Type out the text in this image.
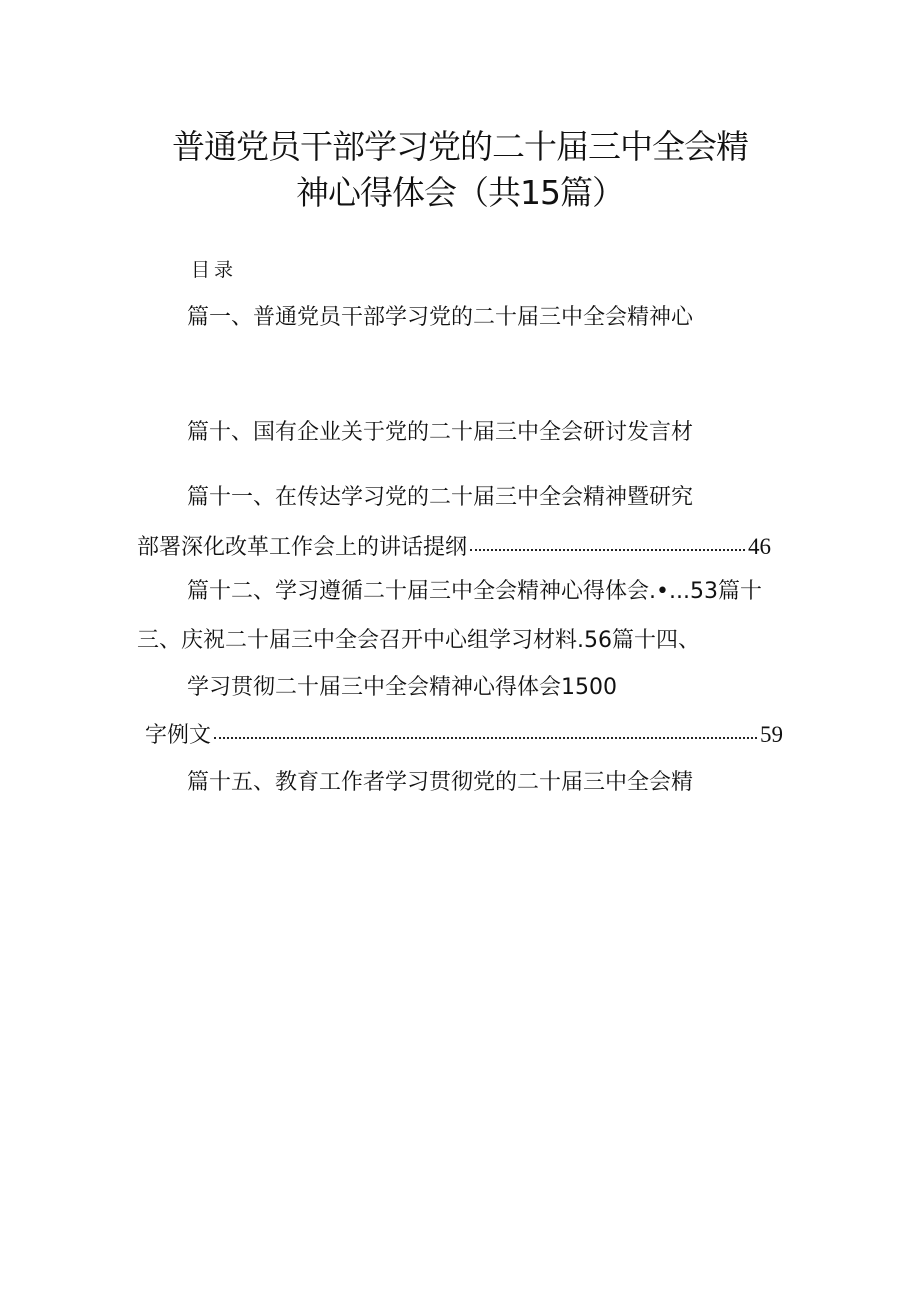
普通党员干部学习党的二十届三中全会精
神心得体会（共15篇）
目录
篇一、普通党员干部学习党的二十届三中全会精神心
篇十、国有企业关于党的二十届三中全会研讨发言材
篇十一、在传达学习党的二十届三中全会精神暨研究
部署深化改革工作会上的讲话提纲	46
篇十二、学习遵循二十届三中全会精神心得体会.•...53篇十
三、庆祝二十届三中全会召开中心组学习材料.56篇十四、
学习贯彻二十届三中全会精神心得体会1500
字例文	59
篇十五、教育工作者学习贯彻党的二十届三中全会精
